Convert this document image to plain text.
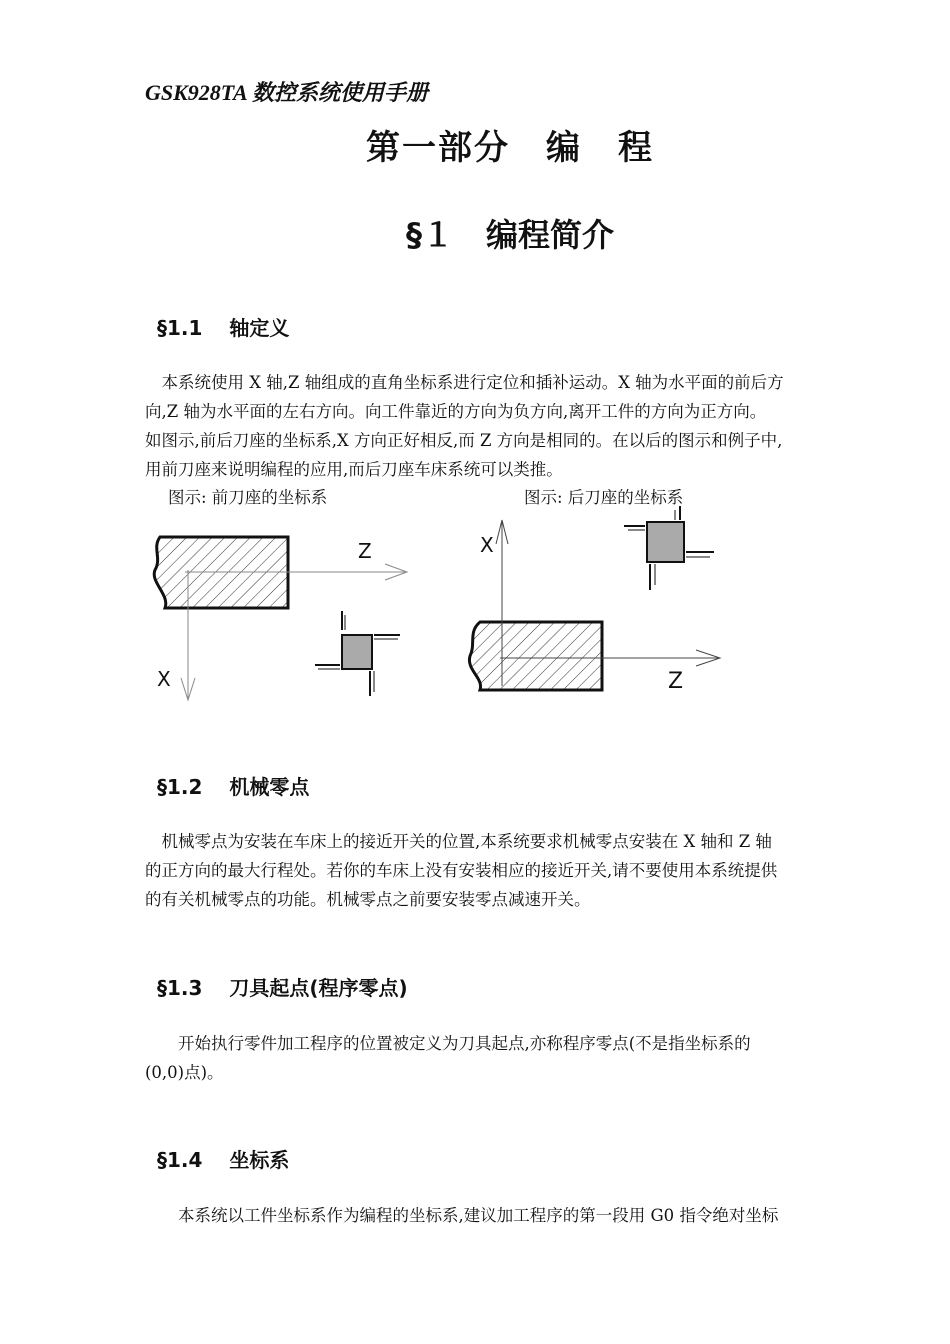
GSK928TA 数控系统使用手册
第一部分　编　程
§１　编程简介
§1.1　 轴定义

　本系统使用 X 轴,Z 轴组成的直角坐标系进行定位和插补运动。X 轴为水平面的前后方

向,Z 轴为水平面的左右方向。向工件靠近的方向为负方向,离开工件的方向为正方向。

如图示,前后刀座的坐标系,X 方向正好相反,而 Z 方向是相同的。在以后的图示和例子中,

用前刀座来说明编程的应用,而后刀座车床系统可以类推。

图示: 前刀座的坐标系	图示: 后刀座的坐标系
Z
X
X
Z
§1.2　 机械零点

　机械零点为安装在车床上的接近开关的位置,本系统要求机械零点安装在 X 轴和 Z 轴

的正方向的最大行程处。若你的车床上没有安装相应的接近开关,请不要使用本系统提供

的有关机械零点的功能。机械零点之前要安装零点减速开关。

§1.3　 刀具起点(程序零点)

　　开始执行零件加工程序的位置被定义为刀具起点,亦称程序零点(不是指坐标系的

(0,0)点)。

§1.4　 坐标系

　　本系统以工件坐标系作为编程的坐标系,建议加工程序的第一段用 G0 指令绝对坐标
